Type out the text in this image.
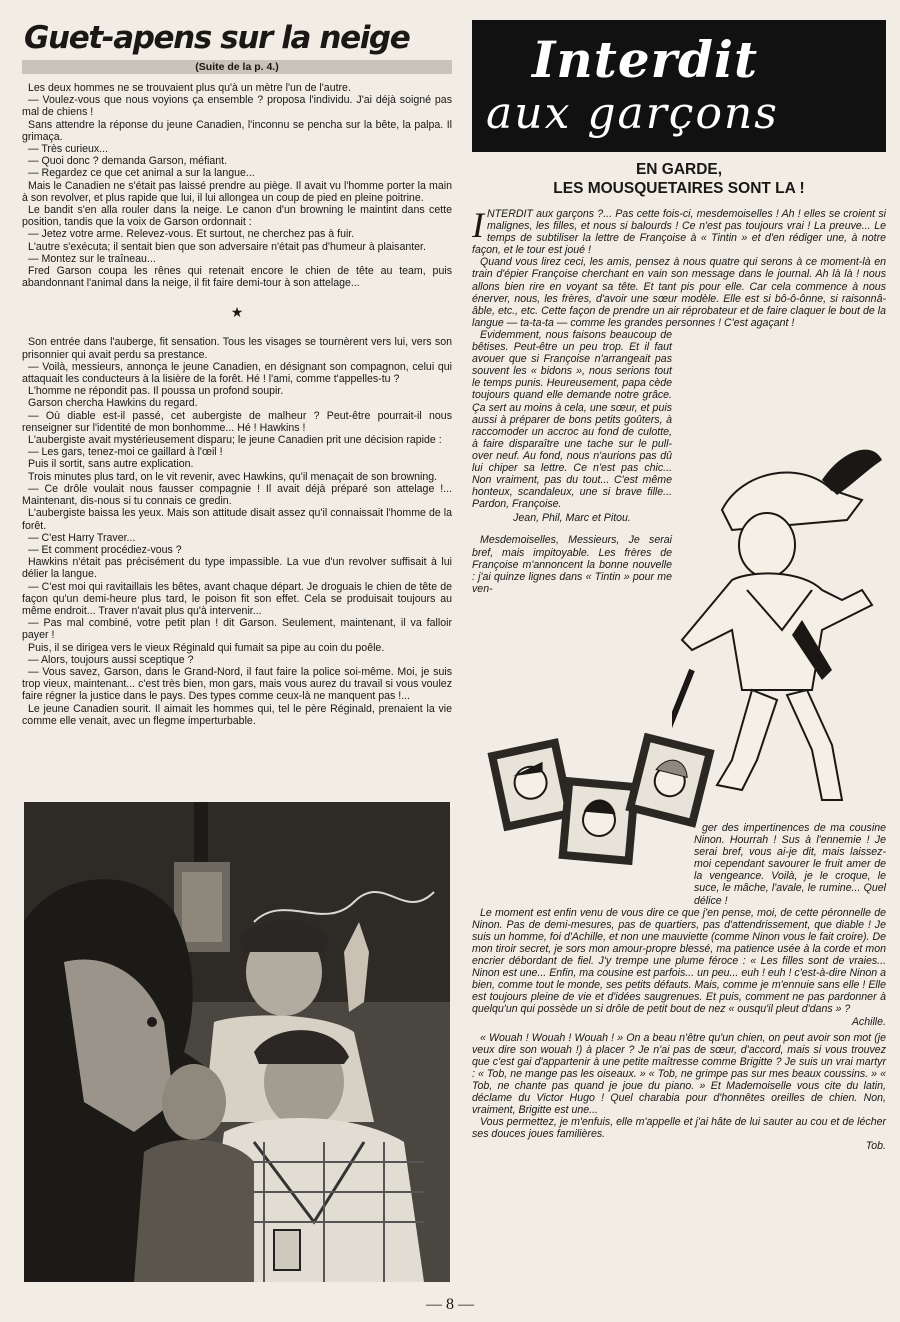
Guet-apens sur la neige
(Suite de la p. 4.)

Les deux hommes ne se trouvaient plus qu'à un mètre l'un de l'autre.

— Voulez-vous que nous voyions ça ensemble ? proposa l'individu. J'ai déjà soigné pas mal de chiens !

Sans attendre la réponse du jeune Canadien, l'inconnu se pencha sur la bête, la palpa. Il grimaça.

— Très curieux...

— Quoi donc ? demanda Garson, méfiant.

— Regardez ce que cet animal a sur la langue...

Mais le Canadien ne s'était pas laissé prendre au piège. Il avait vu l'homme porter la main à son revolver, et plus rapide que lui, il lui allongea un coup de pied en pleine poitrine.

Le bandit s'en alla rouler dans la neige. Le canon d'un browning le maintint dans cette position, tandis que la voix de Garson ordonnait :

— Jetez votre arme. Relevez-vous. Et surtout, ne cherchez pas à fuir.

L'autre s'exécuta; il sentait bien que son adversaire n'était pas d'humeur à plaisanter.

— Montez sur le traîneau...

Fred Garson coupa les rênes qui retenait encore le chien de tête au team, puis abandonnant l'animal dans la neige, il fit faire demi-tour à son attelage...

★

Son entrée dans l'auberge, fit sensation. Tous les visages se tournèrent vers lui, vers son prisonnier qui avait perdu sa prestance.

— Voilà, messieurs, annonça le jeune Canadien, en désignant son compagnon, celui qui attaquait les conducteurs à la lisière de la forêt. Hé ! l'ami, comme t'appelles-tu ?

L'homme ne répondit pas. Il poussa un profond soupir.

Garson chercha Hawkins du regard.

— Où diable est-il passé, cet aubergiste de malheur ? Peut-être pourrait-il nous renseigner sur l'identité de mon bonhomme... Hé ! Hawkins !

L'aubergiste avait mystérieusement disparu; le jeune Canadien prit une décision rapide :

— Les gars, tenez-moi ce gaillard à l'œil !

Puis il sortit, sans autre explication.

Trois minutes plus tard, on le vit revenir, avec Hawkins, qu'il menaçait de son browning.

— Ce drôle voulait nous fausser compagnie ! Il avait déjà préparé son attelage !... Maintenant, dis-nous si tu connais ce gredin.

L'aubergiste baissa les yeux. Mais son attitude disait assez qu'il connaissait l'homme de la forêt.

— C'est Harry Traver...

— Et comment procédiez-vous ?

Hawkins n'était pas précisément du type impassible. La vue d'un revolver suffisait à lui délier la langue.

— C'est moi qui ravitaillais les bêtes, avant chaque départ. Je droguais le chien de tête de façon qu'un demi-heure plus tard, le poison fit son effet. Cela se produisait toujours au même endroit... Traver n'avait plus qu'à intervenir...

— Pas mal combiné, votre petit plan ! dit Garson. Seulement, maintenant, il va falloir payer !

Puis, il se dirigea vers le vieux Réginald qui fumait sa pipe au coin du poêle.

— Alors, toujours aussi sceptique ?

— Vous savez, Garson, dans le Grand-Nord, il faut faire la police soi-même. Moi, je suis trop vieux, maintenant... c'est très bien, mon gars, mais vous aurez du travail si vous voulez faire régner la justice dans le pays. Des types comme ceux-là ne manquent pas !...

Le jeune Canadien sourit. Il aimait les hommes qui, tel le père Réginald, prenaient la vie comme elle venait, avec un flegme imperturbable.

Interdit
aux garçons
EN GARDE,
LES MOUSQUETAIRES SONT LA !

INTERDIT aux garçons ?... Pas cette fois-ci, mesdemoiselles ! Ah ! elles se croient si malignes, les filles, et nous si balourds ! Ce n'est pas toujours vrai ! La preuve... Le temps de subtiliser la lettre de Françoise à « Tintin » et d'en rédiger une, à notre façon, et le tour est joué !

Quand vous lirez ceci, les amis, pensez à nous quatre qui serons à ce moment-là en train d'épier Françoise cherchant en vain son message dans le journal. Ah là là ! nous allons bien rire en voyant sa tête. Et tant pis pour elle. Car cela commence à nous énerver, nous, les frères, d'avoir une sœur modèle. Elle est si bô-ô-ônne, si raisonnâ-âble, etc., etc. Cette façon de prendre un air réprobateur et de faire claquer le bout de la langue — ta-ta-ta — comme les grandes personnes ! C'est agaçant !

Evidemment, nous faisons beaucoup de bêtises. Peut-être un peu trop. Et il faut avouer que si Françoise n'arrangeait pas souvent les « bidons », nous serions tout le temps punis. Heureusement, papa cède toujours quand elle demande notre grâce. Ça sert au moins à cela, une sœur, et puis aussi à préparer de bons petits goûters, à raccomoder un accroc au fond de culotte, à faire disparaître une tache sur le pull-over neuf. Au fond, nous n'aurions pas dû lui chiper sa lettre. Ce n'est pas chic... Non vraiment, pas du tout... C'est même honteux, scandaleux, une si brave fille... Pardon, Françoise.

Jean, Phil, Marc et Pitou.

Mesdemoiselles, Messieurs, Je serai bref, mais impitoyable. Les frères de Françoise m'annoncent la bonne nouvelle : j'ai quinze lignes dans « Tintin » pour me ven-

ger des impertinences de ma cousine Ninon. Hourrah ! Sus à l'ennemie ! Je serai bref, vous ai-je dit, mais laissez-moi cependant savourer le fruit amer de la vengeance. Voilà, je le croque, le suce, le mâche, l'avale, le rumine... Quel délice !

Le moment est enfin venu de vous dire ce que j'en pense, moi, de cette péronnelle de Ninon. Pas de demi-mesures, pas de quartiers, pas d'attendrissement, que diable ! Je suis un homme, foi d'Achille, et non une mauviette (comme Ninon vous le fait croire). De mon tiroir secret, je sors mon amour-propre blessé, ma patience usée à la corde et mon encrier débordant de fiel. J'y trempe une plume féroce : « Les filles sont de vraies... Ninon est une... Enfin, ma cousine est parfois... un peu... euh ! euh ! c'est-à-dire Ninon a bien, comme tout le monde, ses petits défauts. Mais, comme je m'ennuie sans elle ! Elle est toujours pleine de vie et d'idées saugrenues. Et puis, comment ne pas pardonner à quelqu'un qui possède un si drôle de petit bout de nez « ousqu'il pleut d'dans » ?

Achille.

« Wouah ! Wouah ! Wouah ! » On a beau n'être qu'un chien, on peut avoir son mot (je veux dire son wouah !) à placer ? Je n'ai pas de sœur, d'accord, mais si vous trouvez que c'est gai d'appartenir à une petite maîtresse comme Brigitte ? Je suis un vrai martyr : « Tob, ne mange pas les oiseaux. » « Tob, ne grimpe pas sur mes beaux coussins. » « Tob, ne chante pas quand je joue du piano. » Et Mademoiselle vous cite du latin, déclame du Victor Hugo ! Quel charabia pour d'honnêtes oreilles de chien. Non, vraiment, Brigitte est une...

Vous permettez, je m'enfuis, elle m'appelle et j'ai hâte de lui sauter au cou et de lécher ses douces joues familières.

Tob.

— 8 —
